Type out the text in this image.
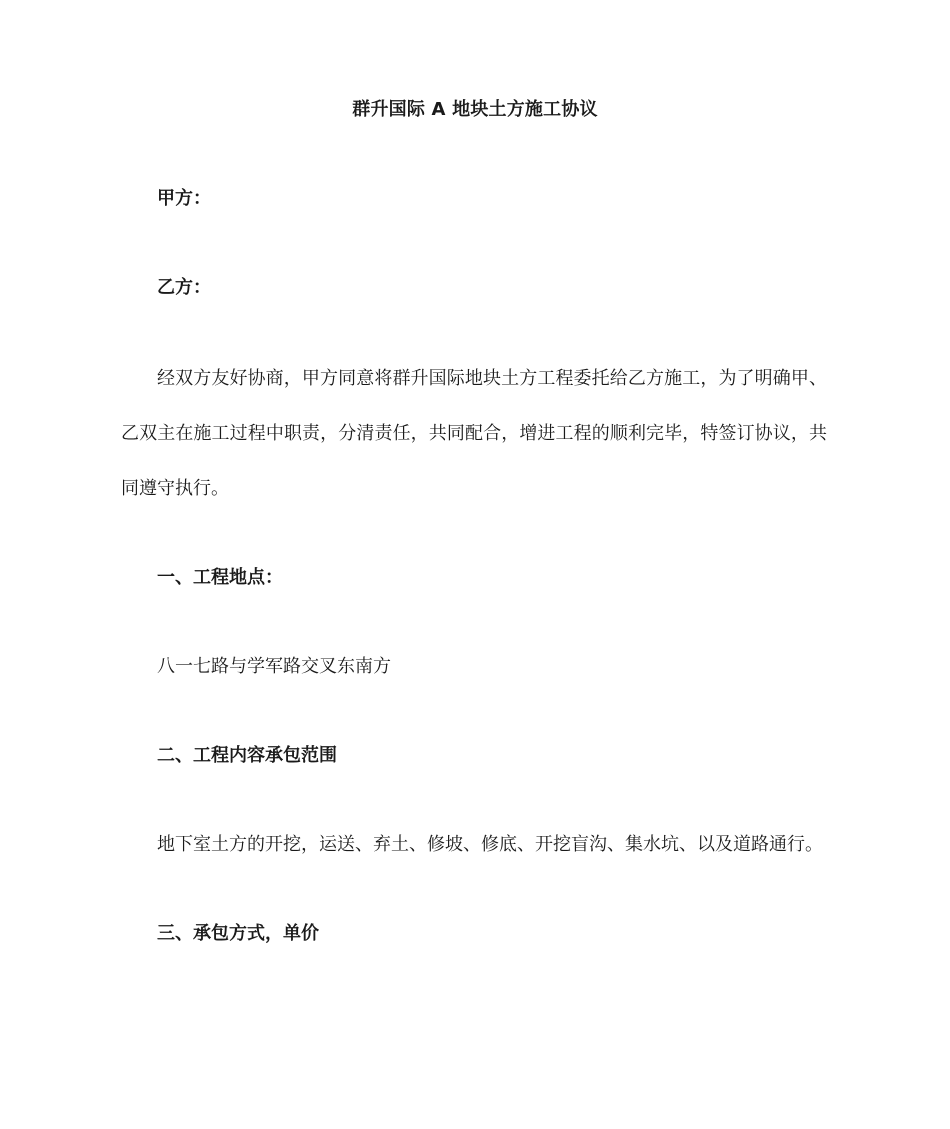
群升国际 A 地块土方施工协议
甲方：
乙方：
经双方友好协商，甲方同意将群升国际地块土方工程委托给乙方施工，为了明确甲、
乙双主在施工过程中职责，分清责任，共同配合，增进工程的顺利完毕，特签订协议，共
同遵守执行。
一、工程地点：
八一七路与学军路交叉东南方
二、工程内容承包范围
地下室土方的开挖，运送、弃土、修坡、修底、开挖盲沟、集水坑、以及道路通行。
三、承包方式，单价
